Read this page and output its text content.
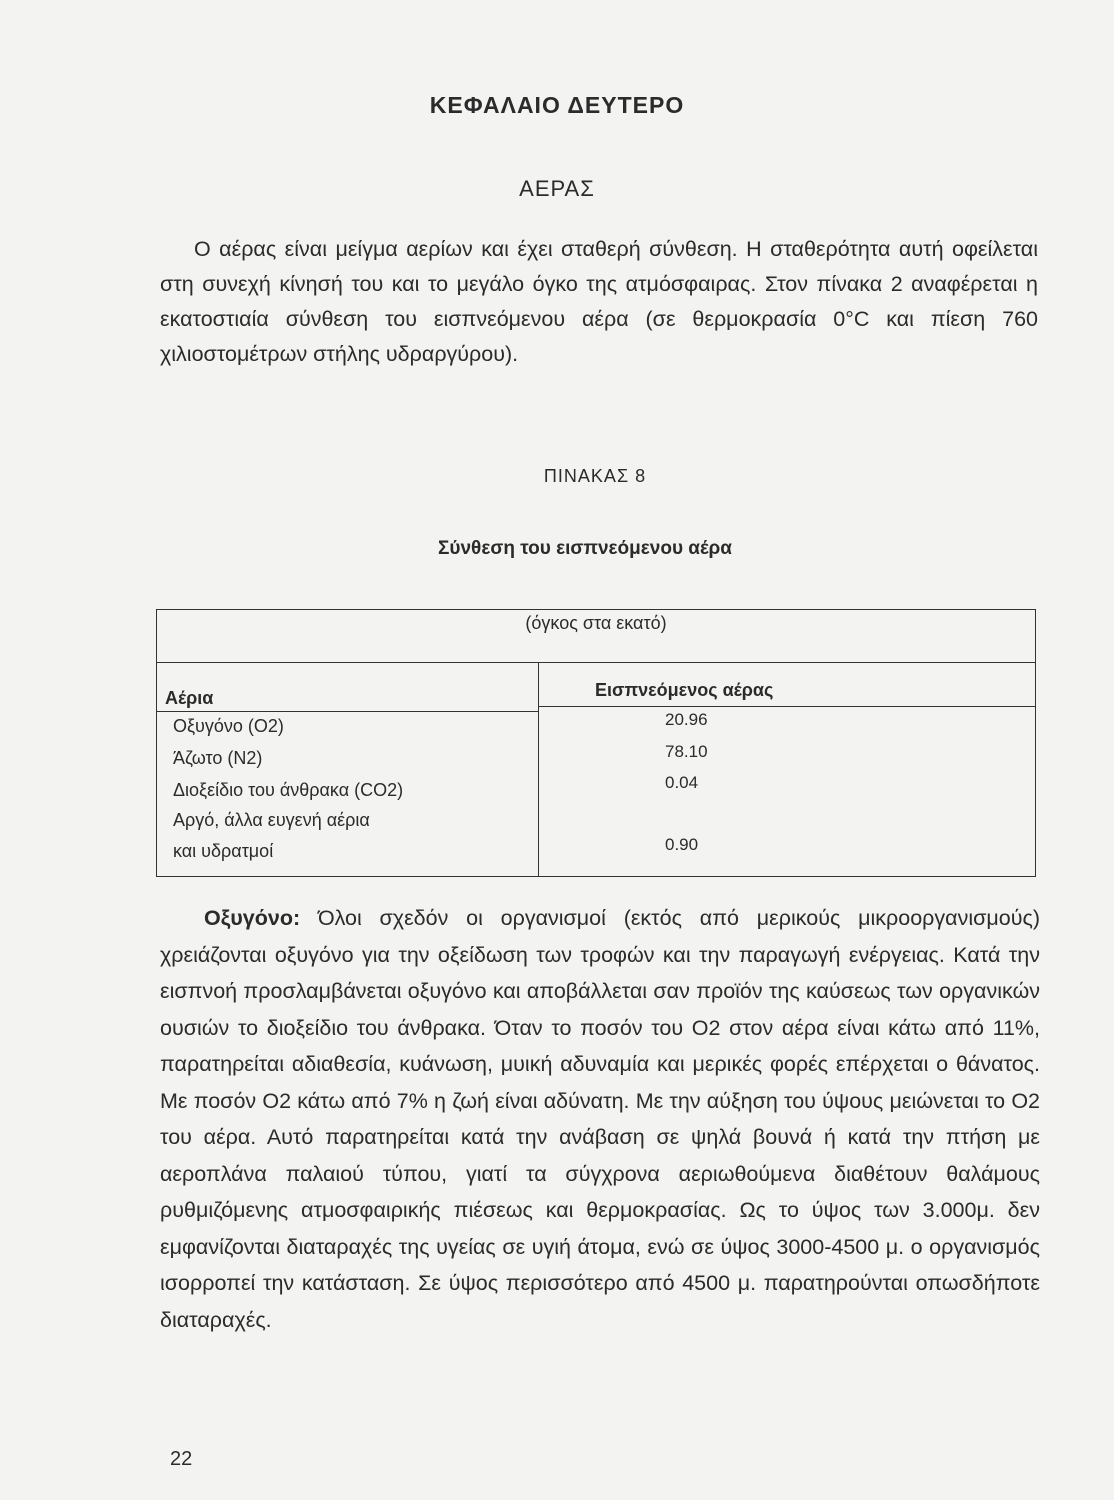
ΚΕΦΑΛΑΙΟ ΔΕΥΤΕΡΟ
ΑΕΡΑΣ

Ο αέρας είναι μείγμα αερίων και έχει σταθερή σύνθεση. Η σταθερότητα αυτή οφείλεται στη συνεχή κίνησή του και το μεγάλο όγκο της ατμόσφαιρας. Στον πίνακα 2 αναφέρεται η εκατοστιαία σύνθεση του εισπνεόμενου αέρα (σε θερμοκρασία 0°C και πίεση 760 χιλιοστομέτρων στήλης υδραργύρου).

ΠΙΝΑΚΑΣ 8
Σύνθεση του εισπνεόμενου αέρα
(όγκος στα εκατό)
Αέρια	Εισπνεόμενος αέρας
Οξυγόνο (O2)	20.96
Άζωτο (N2)	78.10
Διοξείδιο του άνθρακα (CO2)	0.04
Αργό, άλλα ευγενή αέρια
και υδρατμοί	0.90

Οξυγόνο: Όλοι σχεδόν οι οργανισμοί (εκτός από μερικούς μικροοργανισμούς) χρειάζονται οξυγόνο για την οξείδωση των τροφών και την παραγωγή ενέργειας. Κατά την εισπνοή προσλαμβάνεται οξυγόνο και αποβάλλεται σαν προϊόν της καύσεως των οργανικών ουσιών το διοξείδιο του άνθρακα. Όταν το ποσόν του O2 στον αέρα είναι κάτω από 11%, παρατηρείται αδιαθεσία, κυάνωση, μυική αδυναμία και μερικές φορές επέρχεται ο θάνατος. Με ποσόν O2 κάτω από 7% η ζωή είναι αδύνατη. Με την αύξηση του ύψους μειώνεται το O2 του αέρα. Αυτό παρατηρείται κατά την ανάβαση σε ψηλά βουνά ή κατά την πτήση με αεροπλάνα παλαιού τύπου, γιατί τα σύγχρονα αεριωθούμενα διαθέτουν θαλάμους ρυθμιζόμενης ατμοσφαιρικής πιέσεως και θερμοκρασίας. Ως το ύψος των 3.000μ. δεν εμφανίζονται διαταραχές της υγείας σε υγιή άτομα, ενώ σε ύψος 3000-4500 μ. ο οργανισμός ισορροπεί την κατάσταση. Σε ύψος περισσότερο από 4500 μ. παρατηρούνται οπωσδήποτε διαταραχές.

22
